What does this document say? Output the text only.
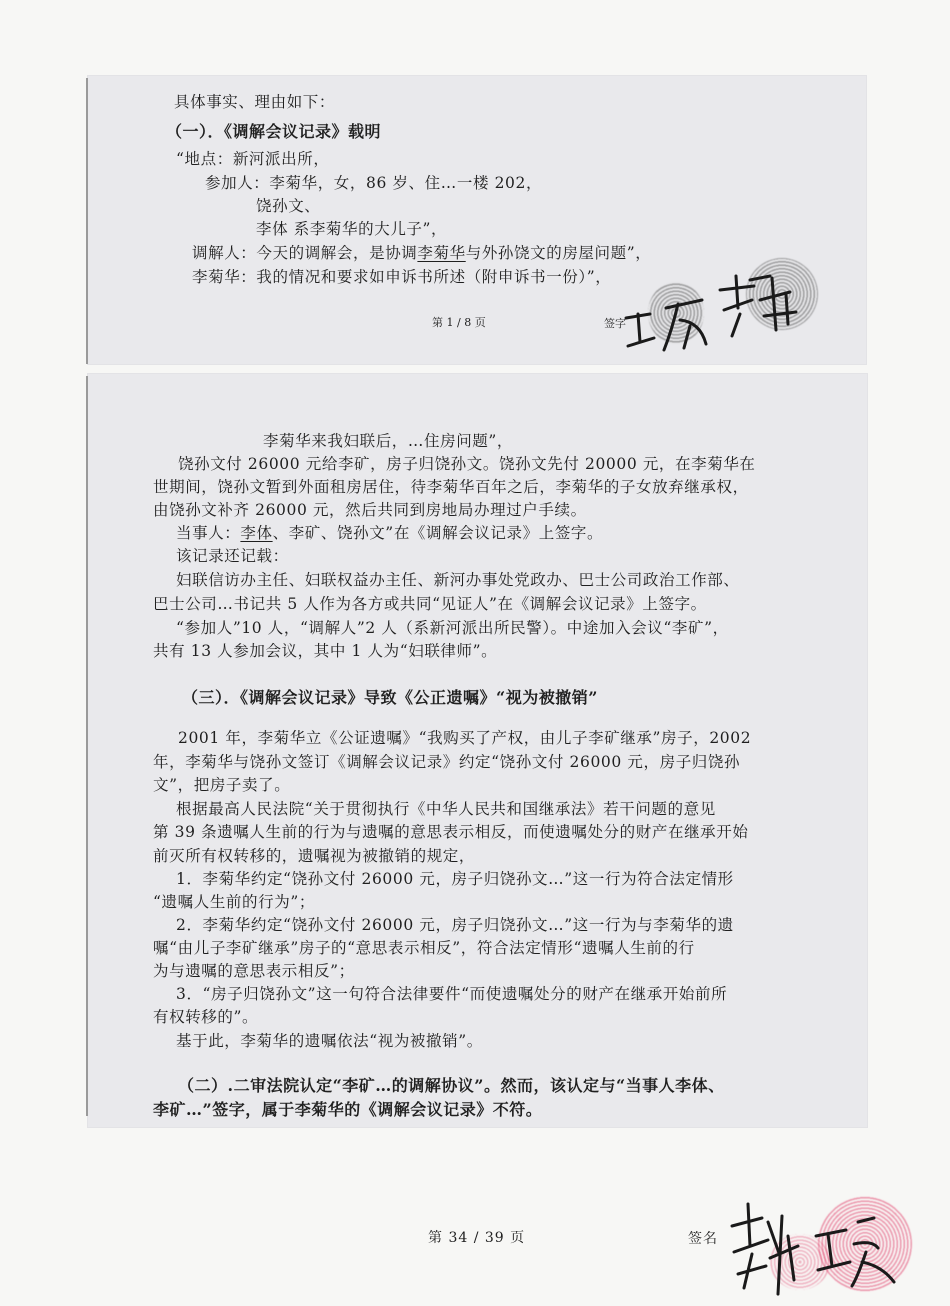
具体事实、理由如下：
（一）．《调解会议记录》载明
“地点：新河派出所，
参加人：李菊华，女，86 岁、住…一楼 202，
饶孙文、
李体 系李菊华的大儿子”，
调解人：今天的调解会，是协调李菊华与外孙饶文的房屋问题”，
李菊华：我的情况和要求如申诉书所述（附申诉书一份）”，
第 1 / 8 页	签字
李菊华来我妇联后，…住房问题”，
饶孙文付 26000 元给李矿，房子归饶孙文。饶孙文先付 20000 元，在李菊华在
世期间，饶孙文暂到外面租房居住，待李菊华百年之后，李菊华的子女放弃继承权，
由饶孙文补齐 26000 元，然后共同到房地局办理过户手续。
当事人：李体、李矿、饶孙文”在《调解会议记录》上签字。
该记录还记载：
妇联信访办主任、妇联权益办主任、新河办事处党政办、巴士公司政治工作部、
巴士公司…书记共 5 人作为各方或共同“见证人”在《调解会议记录》上签字。
“参加人”10 人，“调解人”2 人（系新河派出所民警）。中途加入会议“李矿”，
共有 13 人参加会议，其中 1 人为“妇联律师”。
（三）．《调解会议记录》导致《公正遗嘱》“视为被撤销”
2001 年，李菊华立《公证遗嘱》“我购买了产权，由儿子李矿继承”房子，2002
年，李菊华与饶孙文签订《调解会议记录》约定“饶孙文付 26000 元，房子归饶孙
文”，把房子卖了。
根据最高人民法院“关于贯彻执行《中华人民共和国继承法》若干问题的意见
第 39 条遗嘱人生前的行为与遗嘱的意思表示相反，而使遗嘱处分的财产在继承开始
前灭所有权转移的，遗嘱视为被撤销的规定，
1．李菊华约定“饶孙文付 26000 元，房子归饶孙文…”这一行为符合法定情形
“遗嘱人生前的行为”；
2．李菊华约定“饶孙文付 26000 元，房子归饶孙文…”这一行为与李菊华的遗
嘱“由儿子李矿继承”房子的“意思表示相反”，符合法定情形“遗嘱人生前的行
为与遗嘱的意思表示相反”；
3．“房子归饶孙文”这一句符合法律要件“而使遗嘱处分的财产在继承开始前所
有权转移的”。
基于此，李菊华的遗嘱依法“视为被撤销”。
（二）.二审法院认定“李矿…的调解协议”。然而，该认定与“当事人李体、
李矿…”签字，属于李菊华的《调解会议记录》不符。
第 34 / 39 页	签名
